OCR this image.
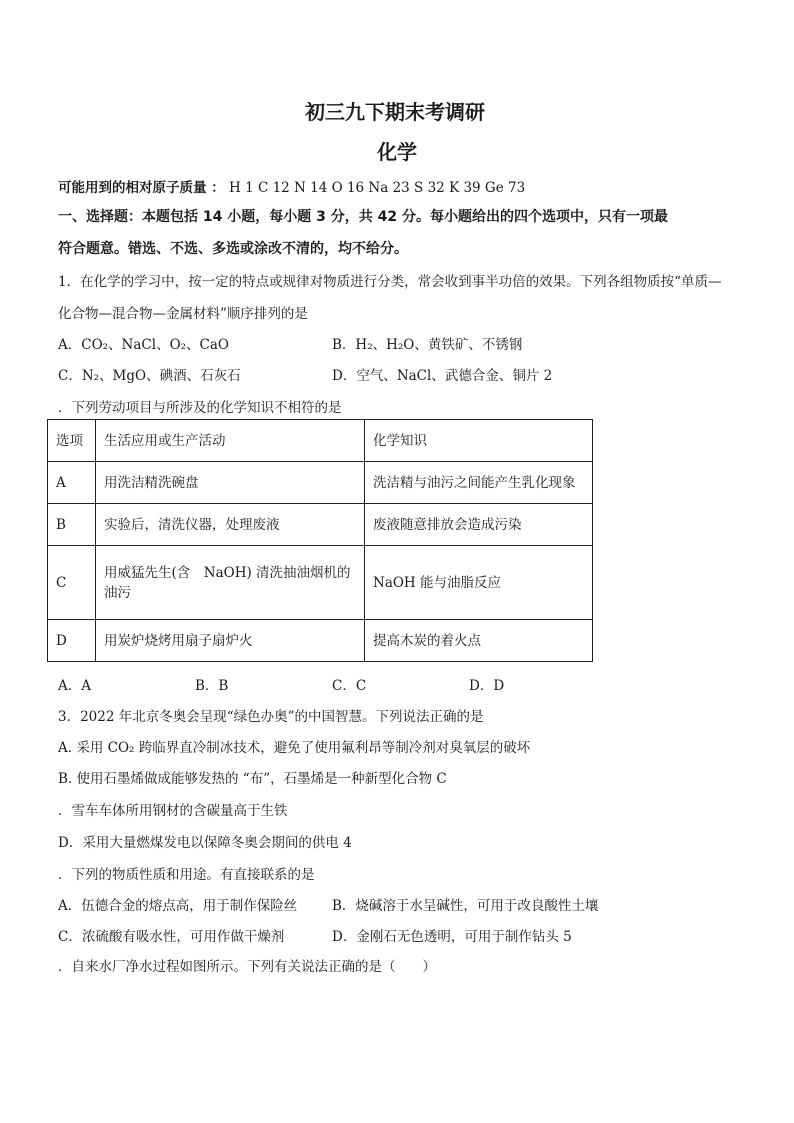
初三九下期末考调研
化学
可能用到的相对原子质量 ： H 1 C 12 N 14 O 16 Na 23 S 32 K 39 Ge 73
一、选择题：本题包括 14 小题，每小题 3 分，共 42 分。每小题给出的四个选项中，只有一项最
符合题意。错选、不选、多选或涂改不清的，均不给分。
1．在化学的学习中，按一定的特点或规律对物质进行分类，常会收到事半功倍的效果。下列各组物质按“单质—
化合物—混合物—金属材料”顺序排列的是
A．CO₂、NaCl、O₂、CaO	B．H₂、H₂O、黄铁矿、不锈钢
C．N₂、MgO、碘酒、石灰石	D．空气、NaCl、武德合金、铜片 2
．下列劳动项目与所涉及的化学知识不相符的是
选项	生活应用或生产活动	化学知识
A	用洗洁精洗碗盘	洗洁精与油污之间能产生乳化现象
B	实验后，清洗仪器，处理废液	废液随意排放会造成污染
C	用威猛先生(含　NaOH) 清洗抽油烟机的油污	NaOH 能与油脂反应
D	用炭炉烧烤用扇子扇炉火	提高木炭的着火点
A．A	B．B	C．C	D．D
3．2022 年北京冬奥会呈现“绿色办奥”的中国智慧。下列说法正确的是
A. 采用 CO₂ 跨临界直冷制冰技术，避免了使用氟利昂等制冷剂对臭氧层的破坏
B. 使用石墨烯做成能够发热的 “布”，石墨烯是一种新型化合物 C
．雪车车体所用钢材的含碳量高于生铁
D．采用大量燃煤发电以保障冬奥会期间的供电 4
．下列的物质性质和用途。有直接联系的是
A．伍德合金的熔点高，用于制作保险丝	B．烧碱溶于水呈碱性，可用于改良酸性土壤
C．浓硫酸有吸水性，可用作做干燥剂	D．金刚石无色透明，可用于制作钻头 5
．自来水厂净水过程如图所示。下列有关说法正确的是（　　）
